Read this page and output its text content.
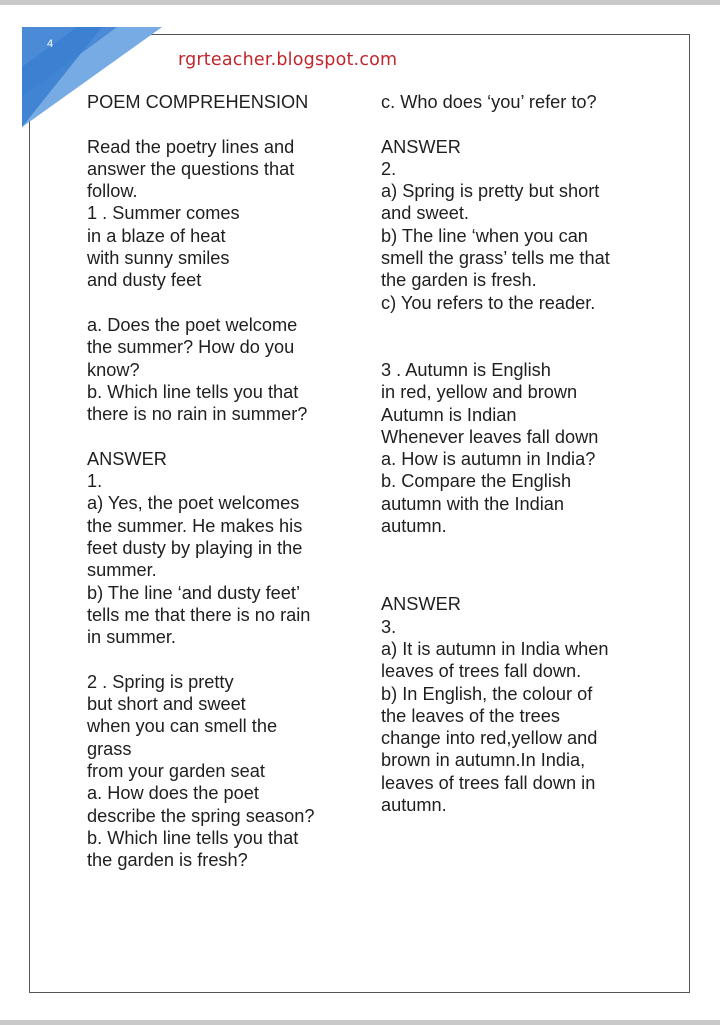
4
rgrteacher.blogspot.com
POEM COMPREHENSION
Read the poetry lines and
answer the questions that
follow.
1 . Summer comes
in a blaze of heat
with sunny smiles
and dusty feet
a. Does the poet welcome
the summer? How do you
know?
b. Which line tells you that
there is no rain in summer?
ANSWER
1.
a) Yes, the poet welcomes
the summer. He makes his
feet dusty by playing in the
summer.
b) The line ‘and dusty feet’
tells me that there is no rain
in summer.
2 . Spring is pretty
but short and sweet
when you can smell the
grass
from your garden seat
a. How does the poet
describe the spring season?
b. Which line tells you that
the garden is fresh?
c. Who does ‘you’ refer to?
ANSWER
2.
a) Spring is pretty but short
and sweet.
b) The line ‘when you can
smell the grass’ tells me that
the garden is fresh.
c) You refers to the reader.
3 . Autumn is English
in red, yellow and brown
Autumn is Indian
Whenever leaves fall down
a. How is autumn in India?
b. Compare the English
autumn with the Indian
autumn.
ANSWER
3.
a) It is autumn in India when
leaves of trees fall down.
b) In English, the colour of
the leaves of the trees
change into red,yellow and
brown in autumn.In India,
leaves of trees fall down in
autumn.
